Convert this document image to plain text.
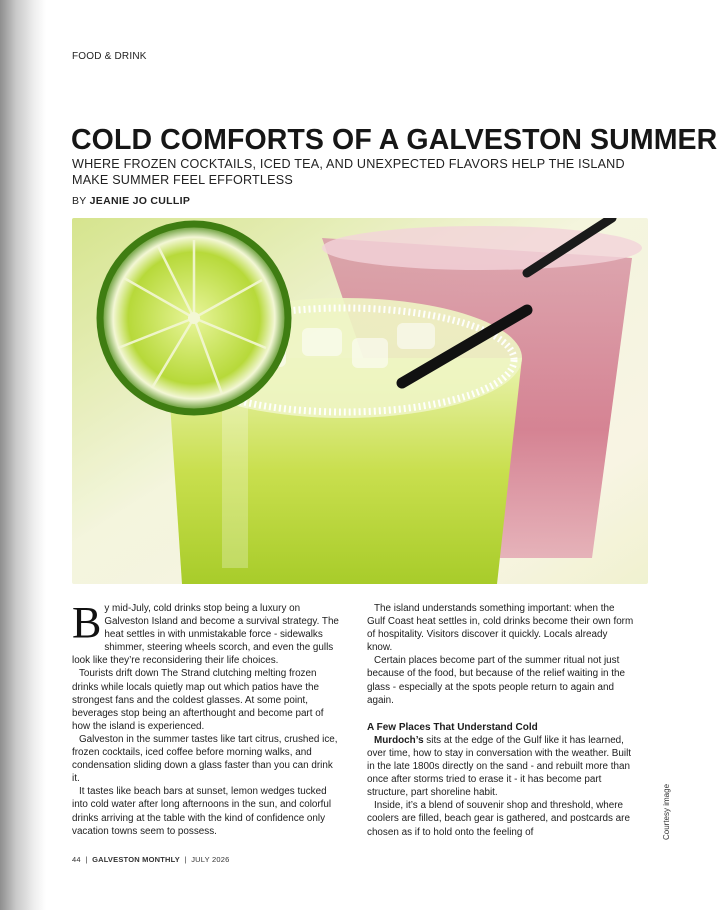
FOOD & DRINK
COLD COMFORTS OF A GALVESTON SUMMER

WHERE FROZEN COCKTAILS, ICED TEA, AND UNEXPECTED FLAVORS HELP THE ISLAND MAKE SUMMER FEEL EFFORTLESS

BY JEANIE JO CULLIP

By mid-July, cold drinks stop being a luxury on Galveston Island and become a survival strategy. The heat settles in with unmistakable force - sidewalks shimmer, steering wheels scorch, and even the gulls look like they’re reconsidering their life choices.

Tourists drift down The Strand clutching melting frozen drinks while locals quietly map out which patios have the strongest fans and the coldest glasses. At some point, beverages stop being an afterthought and become part of how the island is experienced.

Galveston in the summer tastes like tart citrus, crushed ice, frozen cocktails, iced coffee before morning walks, and condensation sliding down a glass faster than you can drink it.

It tastes like beach bars at sunset, lemon wedges tucked into cold water after long afternoons in the sun, and colorful drinks arriving at the table with the kind of confidence only vacation towns seem to possess.

The island understands something important: when the Gulf Coast heat settles in, cold drinks become their own form of hospitality. Visitors discover it quickly. Locals already know.

Certain places become part of the summer ritual not just because of the food, but because of the relief waiting in the glass - especially at the spots people return to again and again.

A Few Places That Understand Cold

Murdoch’s sits at the edge of the Gulf like it has learned, over time, how to stay in conversation with the weather. Built in the late 1800s directly on the sand - and rebuilt more than once after storms tried to erase it - it has become part structure, part shoreline habit.

Inside, it’s a blend of souvenir shop and threshold, where coolers are filled, beach gear is gathered, and postcards are chosen as if to hold onto the feeling of	Courtesy image
44 | GALVESTON MONTHLY | JULY 2026
